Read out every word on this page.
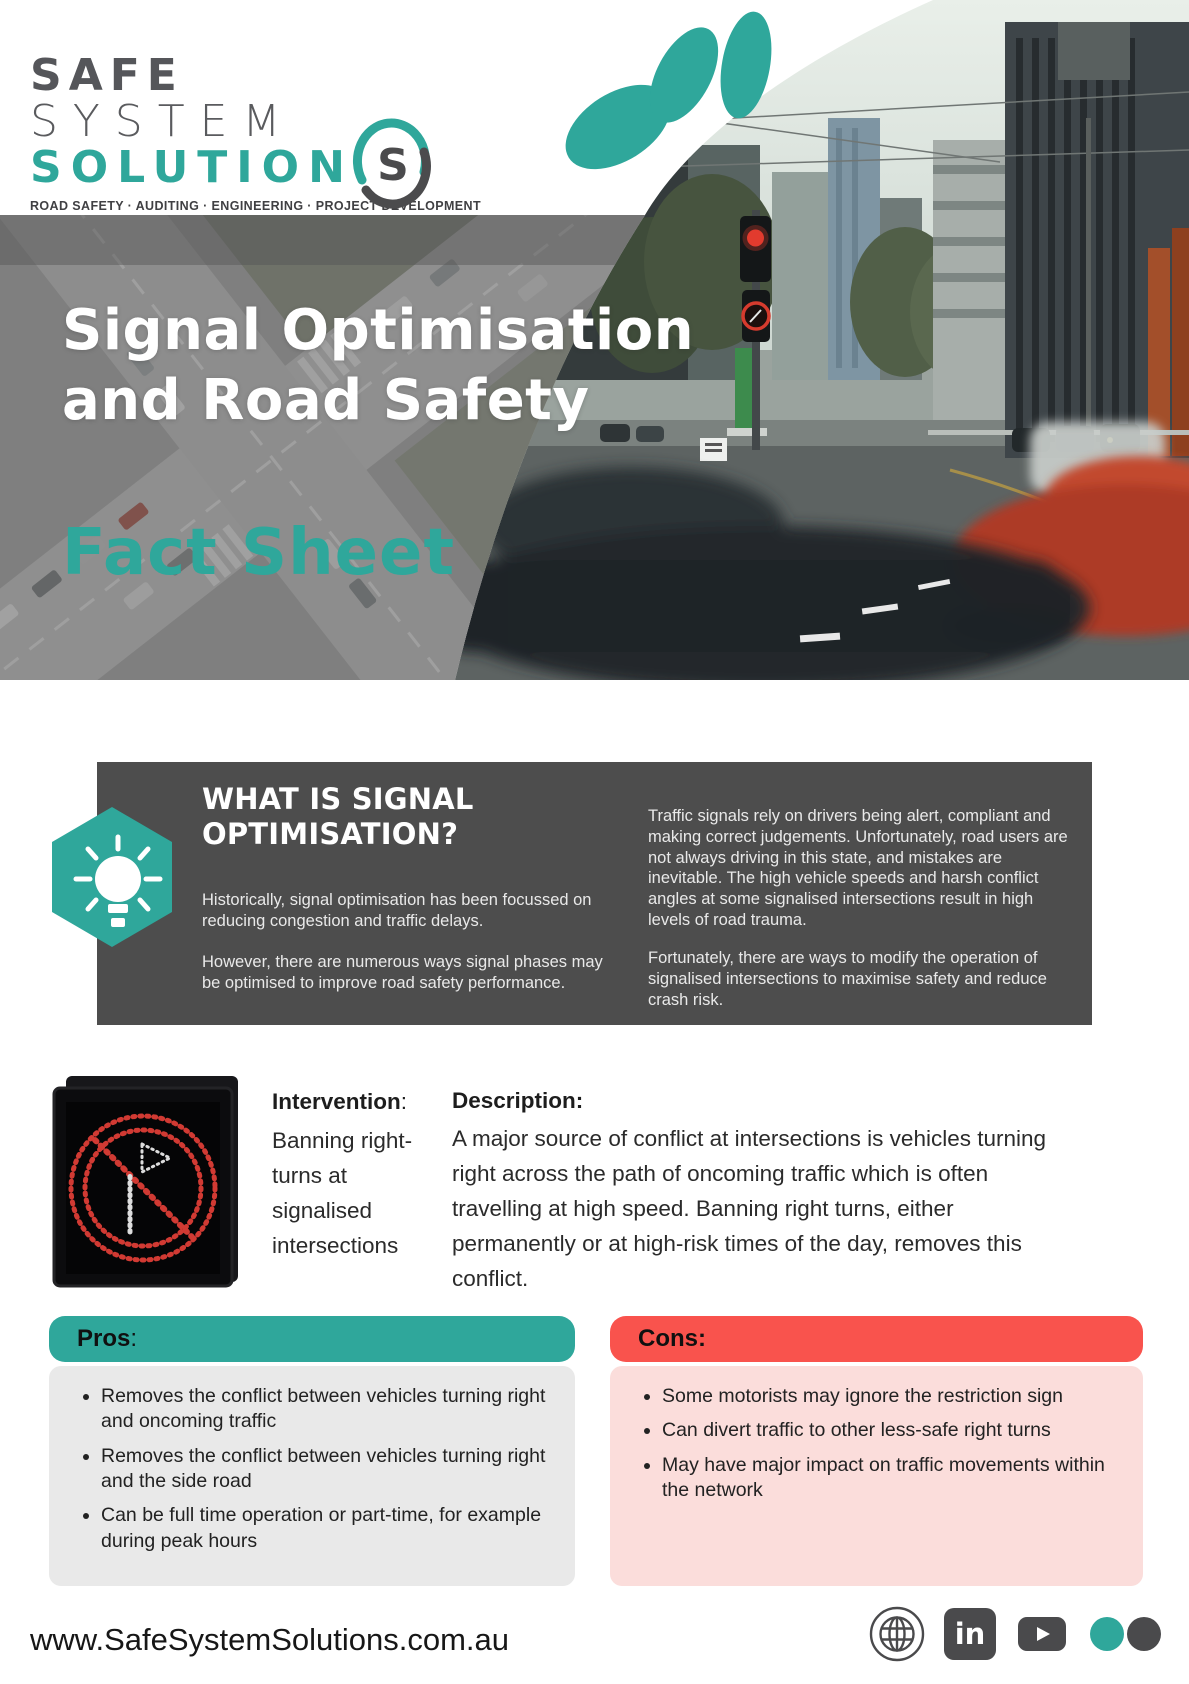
SAFE
SYSTEM
SOLUTION
ROAD SAFETY · AUDITING · ENGINEERING · PROJECT DEVELOPMENT
S
Signal Optimisation
and Road Safety
Fact Sheet
WHAT IS SIGNAL OPTIMISATION?
Historically, signal optimisation has been focussed on reducing congestion and traffic delays.
However, there are numerous ways signal phases may be optimised to improve road safety performance.
Traffic signals rely on drivers being alert, compliant and making correct judgements. Unfortunately, road users are not always driving in this state, and mistakes are inevitable. The high vehicle speeds and harsh conflict angles at some signalised intersections result in high levels of road trauma.
Fortunately, there are ways to modify the operation of signalised intersections to maximise safety and reduce crash risk.
Intervention:
Banning right-turns at signalised intersections
Description:
A major source of conflict at intersections is vehicles turning right across the path of oncoming traffic which is often travelling at high speed. Banning right turns, either permanently or at high-risk times of the day, removes this conflict.
Pros :
• Removes the conflict between vehicles turning right and oncoming traffic
• Removes the conflict between vehicles turning right and the side road
• Can be full time operation or part-time, for example during peak hours
Cons:
• Some motorists may ignore the restriction sign
• Can divert traffic to other less-safe right turns
• May have major impact on traffic movements within the network
www.SafeSystemSolutions.com.au	in
